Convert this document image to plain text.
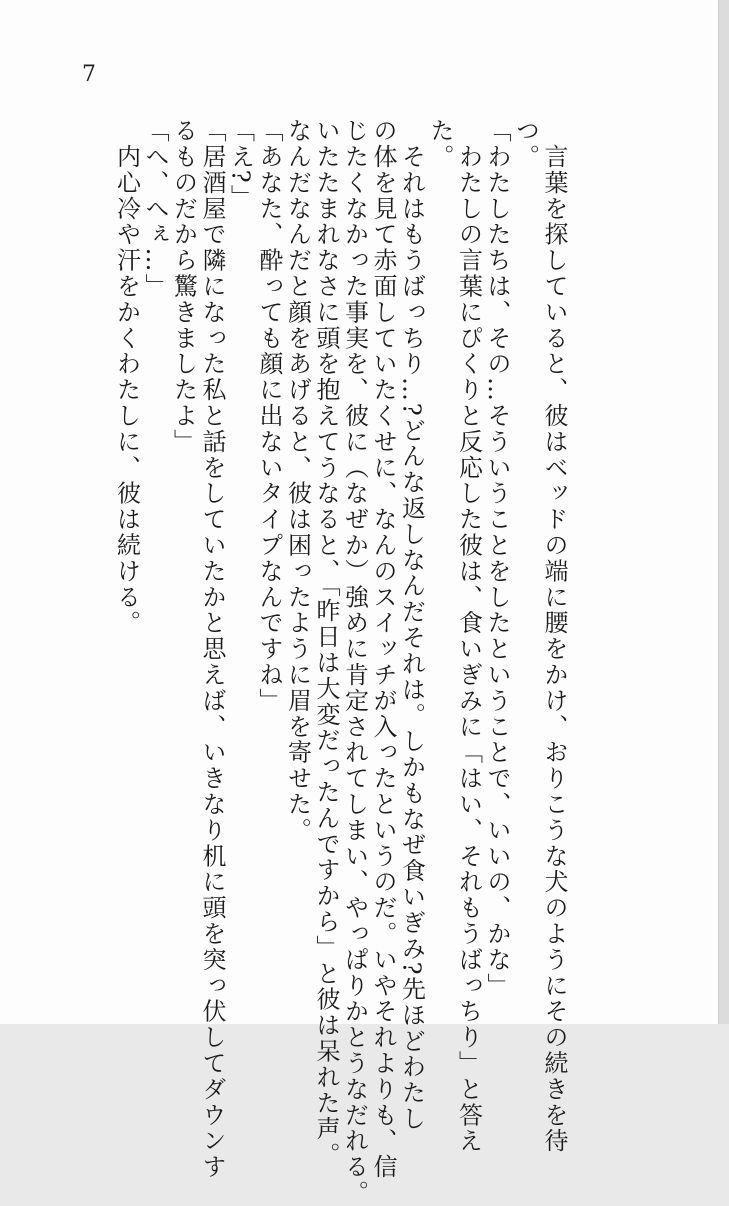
7
　言葉を探していると、彼はベッドの端に腰をかけ、おりこうな犬のようにその続きを待
つ。
「わたしたちは、その…そういうことをしたということで、いいの、かな」
　わたしの言葉にぴくりと反応した彼は、食いぎみに「はい、それもうばっちり」と答え
た。
　それはもうばっちり…?どんな返しなんだそれは。しかもなぜ食いぎみ?先ほどわたし
の体を見て赤面していたくせに、なんのスイッチが入ったというのだ。いやそれよりも、信
じたくなかった事実を、彼に（なぜか）強めに肯定されてしまい、やっぱりかとうなだれる。
いたたまれなさに頭を抱えてうなると、「昨日は大変だったんですから」と彼は呆れた声。
なんだなんだと顔をあげると、彼は困ったように眉を寄せた。
「あなた、酔っても顔に出ないタイプなんですね」
「え?」
「居酒屋で隣になった私と話をしていたかと思えば、いきなり机に頭を突っ伏してダウンす
るものだから驚きましたよ」
「へ、へぇ…」
　内心冷や汗をかくわたしに、彼は続ける。
